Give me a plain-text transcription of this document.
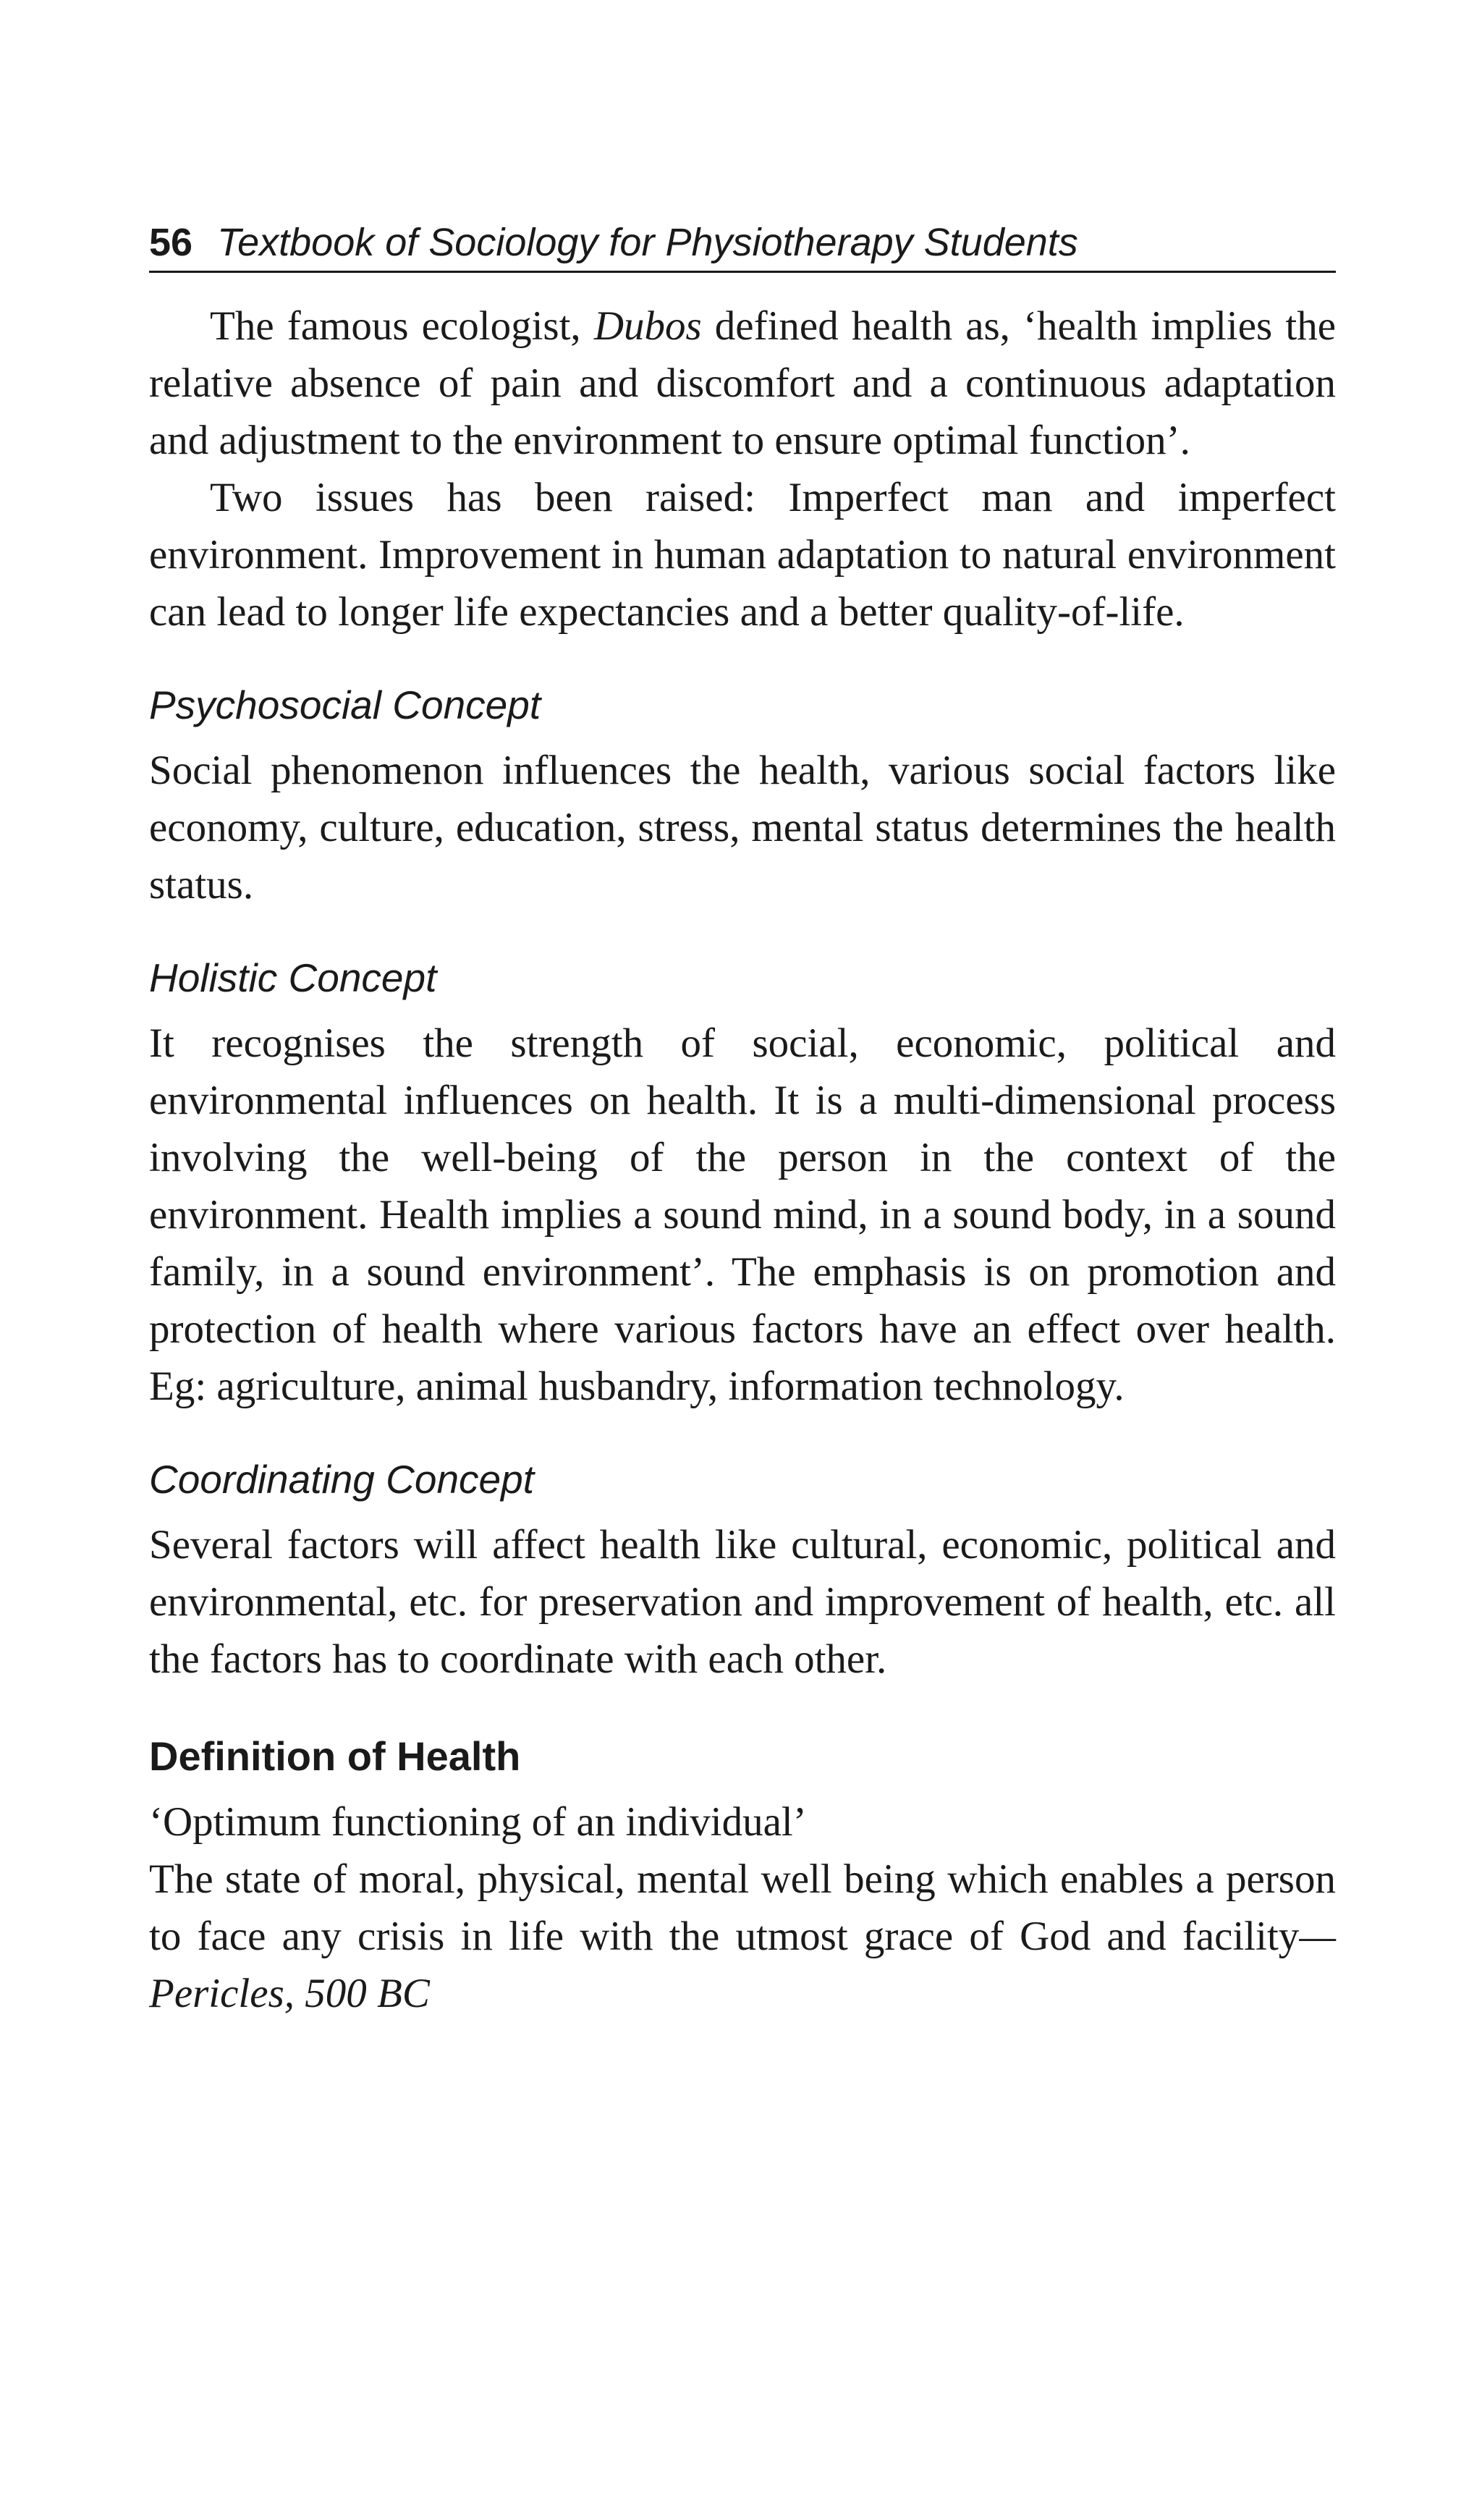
56 Textbook of Sociology for Physiotherapy Students

The famous ecologist, Dubos defined health as, ‘health implies the relative absence of pain and discomfort and a continuous adaptation and adjustment to the environment to ensure optimal function’.

Two issues has been raised: Imperfect man and imperfect environment. Improvement in human adaptation to natural environment can lead to longer life expectancies and a better quality-of-life.

Psychosocial Concept

Social phenomenon influences the health, various social factors like economy, culture, education, stress, mental status determines the health status.

Holistic Concept

It recognises the strength of social, economic, political and environmental influences on health. It is a multi-dimensional process involving the well-being of the person in the context of the environment. Health implies a sound mind, in a sound body, in a sound family, in a sound environment’. The emphasis is on promotion and protection of health where various factors have an effect over health. Eg: agriculture, animal husbandry, information technology.

Coordinating Concept

Several factors will affect health like cultural, economic, political and environmental, etc. for preservation and improvement of health, etc. all the factors has to coordinate with each other.

Definition of Health

‘Optimum functioning of an individual’

The state of moral, physical, mental well being which enables a person to face any crisis in life with the utmost grace of God and facility—Pericles, 500 BC
